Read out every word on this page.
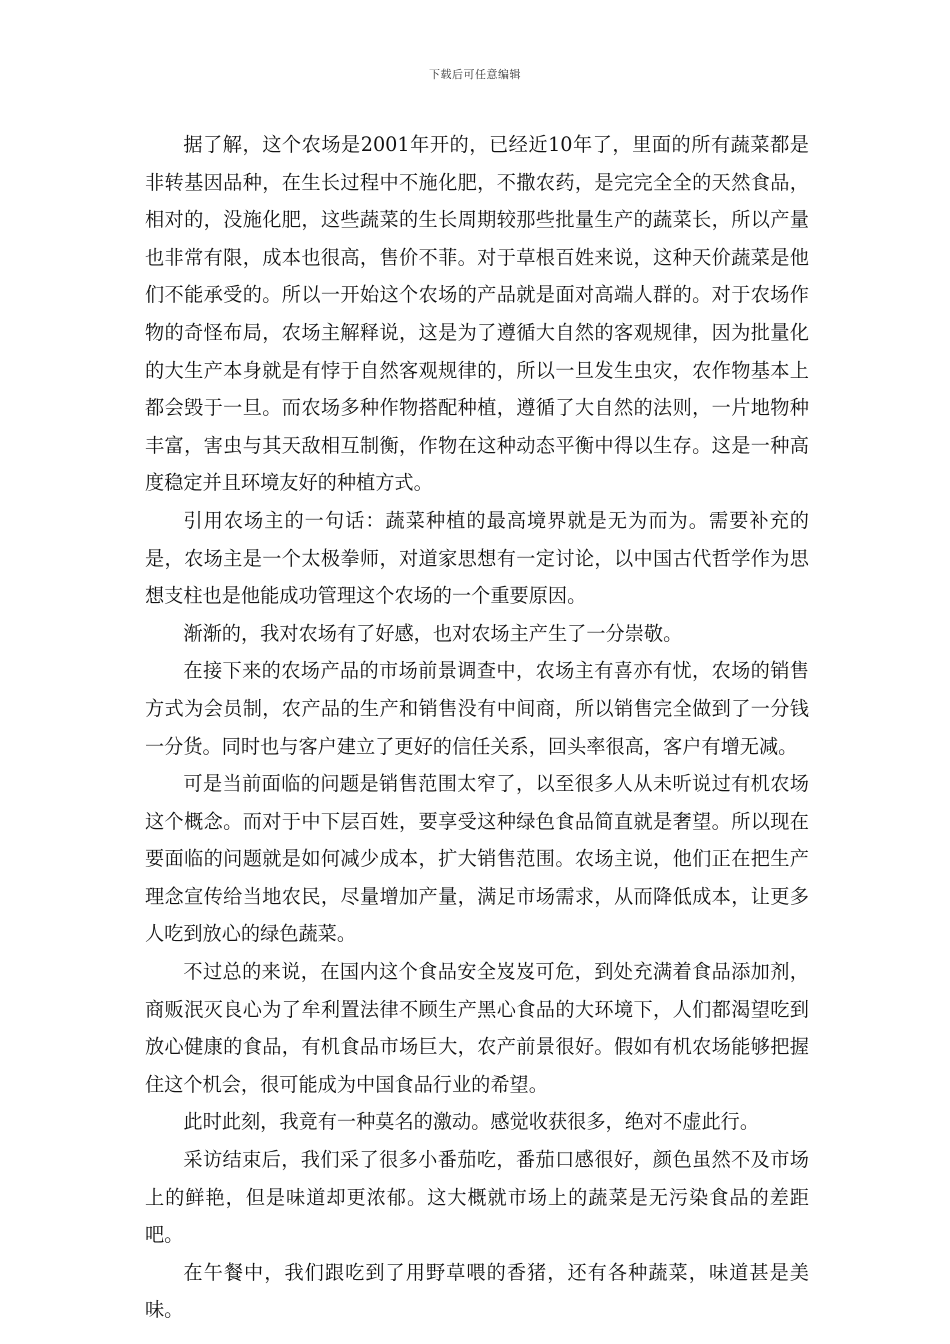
下载后可任意编辑

据了解，这个农场是2001年开的，已经近10年了，里面的所有蔬菜都是非转基因品种，在生长过程中不施化肥，不撒农药，是完完全全的天然食品，相对的，没施化肥，这些蔬菜的生长周期较那些批量生产的蔬菜长，所以产量也非常有限，成本也很高，售价不菲。对于草根百姓来说，这种天价蔬菜是他们不能承受的。所以一开始这个农场的产品就是面对高端人群的。对于农场作物的奇怪布局，农场主解释说，这是为了遵循大自然的客观规律，因为批量化的大生产本身就是有悖于自然客观规律的，所以一旦发生虫灾，农作物基本上都会毁于一旦。而农场多种作物搭配种植，遵循了大自然的法则，一片地物种丰富，害虫与其天敌相互制衡，作物在这种动态平衡中得以生存。这是一种高度稳定并且环境友好的种植方式。

引用农场主的一句话：蔬菜种植的最高境界就是无为而为。需要补充的是，农场主是一个太极拳师，对道家思想有一定讨论，以中国古代哲学作为思想支柱也是他能成功管理这个农场的一个重要原因。

渐渐的，我对农场有了好感，也对农场主产生了一分崇敬。

在接下来的农场产品的市场前景调查中，农场主有喜亦有忧，农场的销售方式为会员制，农产品的生产和销售没有中间商，所以销售完全做到了一分钱一分货。同时也与客户建立了更好的信任关系，回头率很高，客户有增无减。

可是当前面临的问题是销售范围太窄了，以至很多人从未听说过有机农场这个概念。而对于中下层百姓，要享受这种绿色食品简直就是奢望。所以现在要面临的问题就是如何减少成本，扩大销售范围。农场主说，他们正在把生产理念宣传给当地农民，尽量增加产量，满足市场需求，从而降低成本，让更多人吃到放心的绿色蔬菜。

不过总的来说，在国内这个食品安全岌岌可危，到处充满着食品添加剂，商贩泯灭良心为了牟利置法律不顾生产黑心食品的大环境下，人们都渴望吃到放心健康的食品，有机食品市场巨大，农产前景很好。假如有机农场能够把握住这个机会，很可能成为中国食品行业的希望。

此时此刻，我竟有一种莫名的激动。感觉收获很多，绝对不虚此行。

采访结束后，我们采了很多小番茄吃，番茄口感很好，颜色虽然不及市场上的鲜艳，但是味道却更浓郁。这大概就市场上的蔬菜是无污染食品的差距吧。

在午餐中，我们跟吃到了用野草喂的香猪，还有各种蔬菜，味道甚是美味。
